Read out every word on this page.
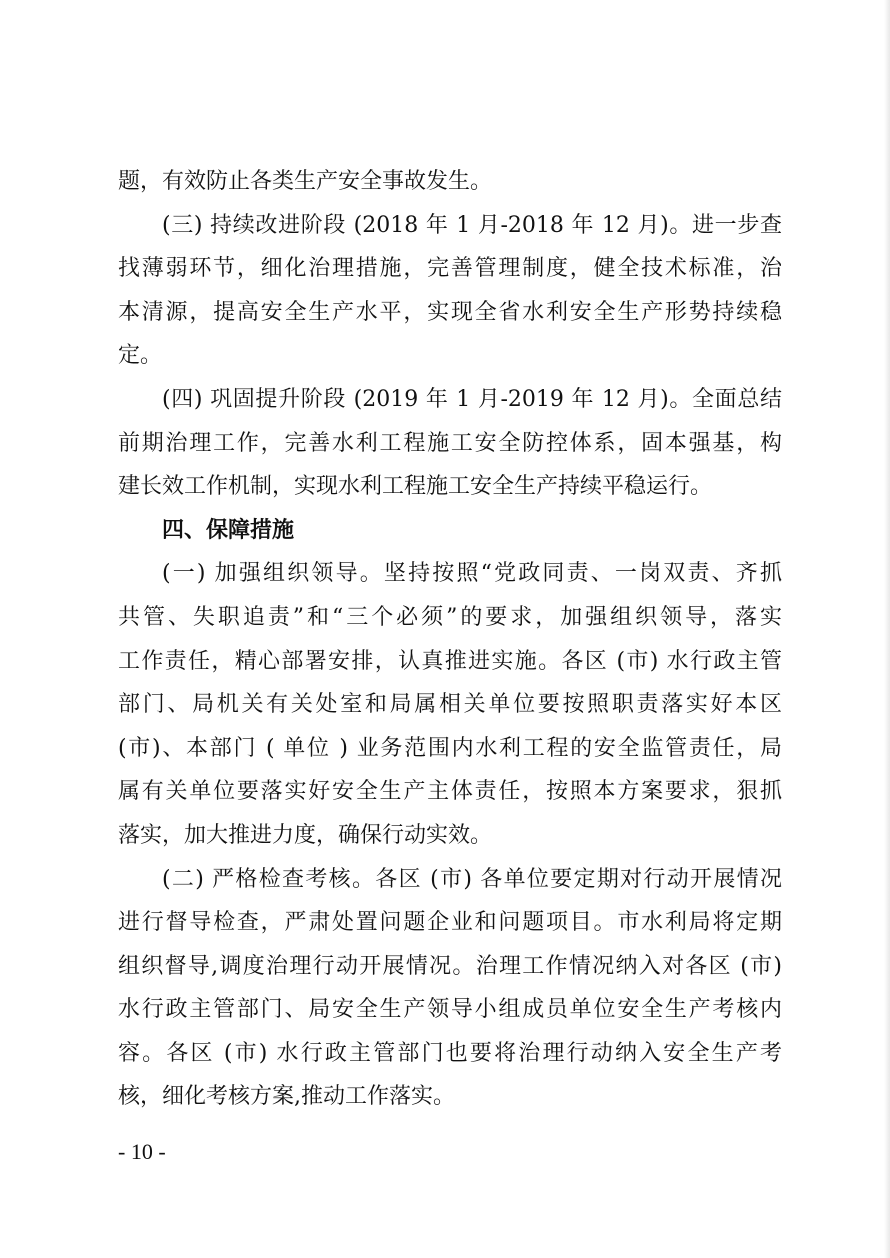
题，有效防止各类生产安全事故发生。
(三) 持续改进阶段 (2018 年 1 月-2018 年 12 月)。进一步查
找薄弱环节，细化治理措施，完善管理制度，健全技术标准，治
本清源，提高安全生产水平，实现全省水利安全生产形势持续稳
定。
(四) 巩固提升阶段 (2019 年 1 月-2019 年 12 月)。全面总结
前期治理工作，完善水利工程施工安全防控体系，固本强基，构
建长效工作机制，实现水利工程施工安全生产持续平稳运行。
四、保障措施
(一) 加强组织领导。坚持按照“党政同责、一岗双责、齐抓
共管、失职追责”和“三个必须”的要求，加强组织领导，落实
工作责任，精心部署安排，认真推进实施。各区 (市) 水行政主管
部门、局机关有关处室和局属相关单位要按照职责落实好本区
(市)、本部门 ( 单位 ) 业务范围内水利工程的安全监管责任，局
属有关单位要落实好安全生产主体责任，按照本方案要求，狠抓
落实，加大推进力度，确保行动实效。
(二) 严格检查考核。各区 (市) 各单位要定期对行动开展情况
进行督导检查，严肃处置问题企业和问题项目。市水利局将定期
组织督导,调度治理行动开展情况。治理工作情况纳入对各区 (市)
水行政主管部门、局安全生产领导小组成员单位安全生产考核内
容。各区 (市) 水行政主管部门也要将治理行动纳入安全生产考
核，细化考核方案,推动工作落实。
- 10 -
